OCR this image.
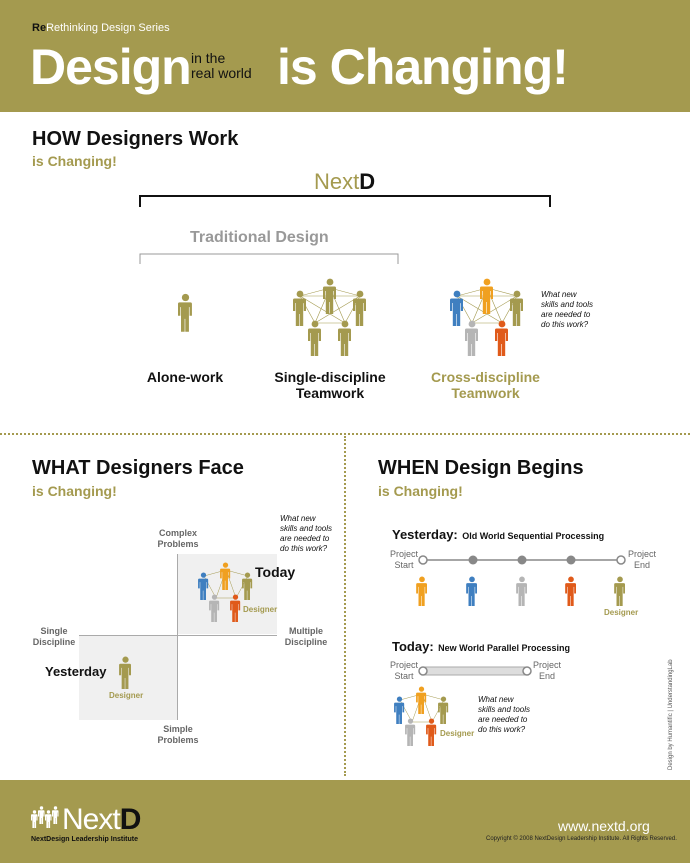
ReRethinking Design Series
Design in the
real world is Changing!
HOW Designers Work
is Changing!
NextD
Traditional Design
What new
skills and tools
are needed to
do this work?
Alone-work	Single-discipline
Teamwork
Cross-discipline
Teamwork
WHAT Designers Face
is Changing!
Complex
Problems
Simple
Problems
Single
Discipline
Multiple
Discipline
What new
skills and tools
are needed to
do this work?
Today
Designer
Yesterday
Designer
WHEN Design Begins
is Changing!
Yesterday: Old World Sequential Processing
Project
Start
Project
End
Designer
Today: New World Parallel Processing
Project
Start
Project
End
Designer
What new
skills and tools
are needed to
do this work?	Design by Humantific | UnderstandingLab
NextD
NextDesign Leadership Institute
www.nextd.org
Copyright © 2008 NextDesign Leadership Institute. All Rights Reserved.
